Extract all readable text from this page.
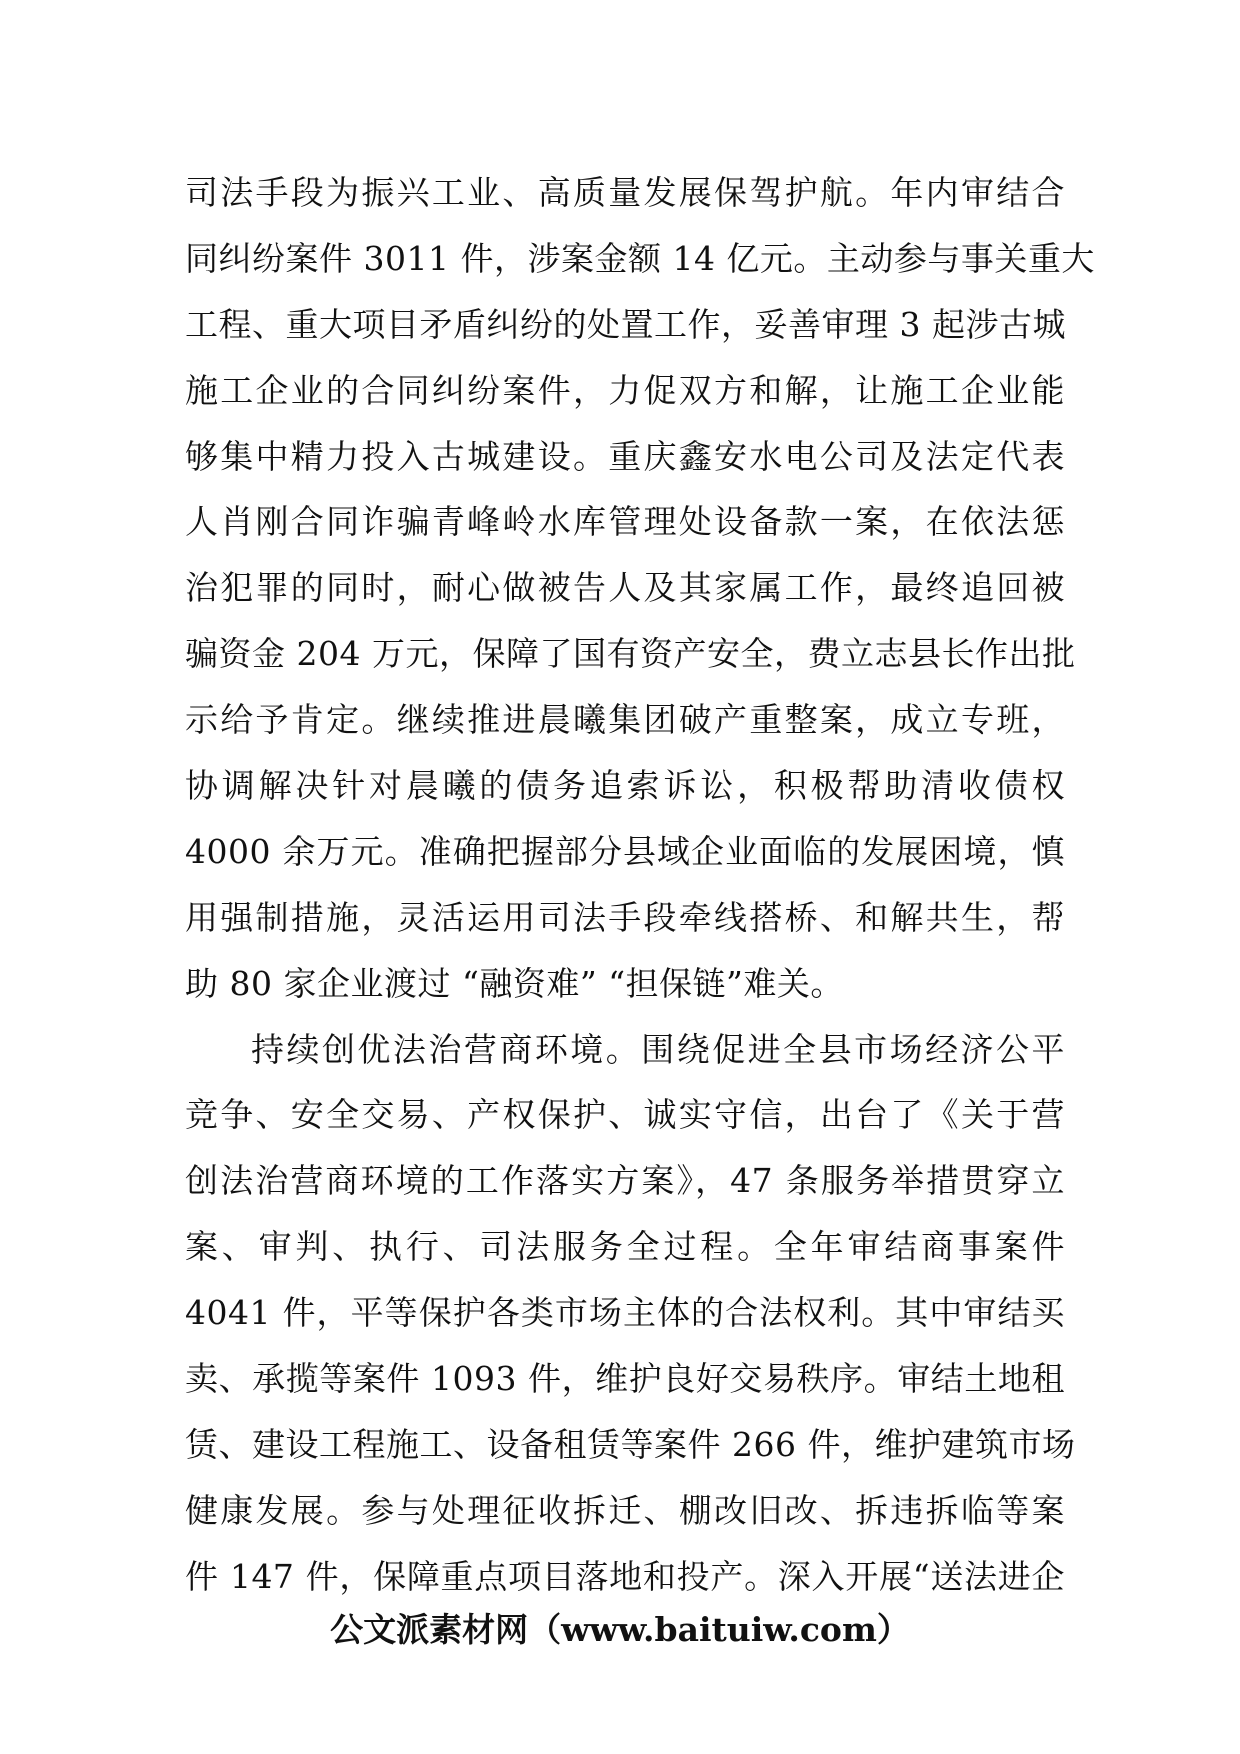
司法手段为振兴工业、高质量发展保驾护航。年内审结合
同纠纷案件 3011 件，涉案金额 14 亿元。主动参与事关重大
工程、重大项目矛盾纠纷的处置工作，妥善审理 3 起涉古城
施工企业的合同纠纷案件，力促双方和解，让施工企业能
够集中精力投入古城建设。重庆鑫安水电公司及法定代表
人肖刚合同诈骗青峰岭水库管理处设备款一案，在依法惩
治犯罪的同时，耐心做被告人及其家属工作，最终追回被
骗资金 204 万元，保障了国有资产安全，费立志县长作出批
示给予肯定。继续推进晨曦集团破产重整案，成立专班，
协调解决针对晨曦的债务追索诉讼，积极帮助清收债权
4000 余万元。准确把握部分县域企业面临的发展困境，慎
用强制措施，灵活运用司法手段牵线搭桥、和解共生，帮
助 80 家企业渡过 “融资难” “担保链”难关。
持续创优法治营商环境。围绕促进全县市场经济公平
竞争、安全交易、产权保护、诚实守信，出台了《关于营
创法治营商环境的工作落实方案》，47 条服务举措贯穿立
案、审判、执行、司法服务全过程。全年审结商事案件
4041 件，平等保护各类市场主体的合法权利。其中审结买
卖、承揽等案件 1093 件，维护良好交易秩序。审结土地租
赁、建设工程施工、设备租赁等案件 266 件，维护建筑市场
健康发展。参与处理征收拆迁、棚改旧改、拆违拆临等案
件 147 件，保障重点项目落地和投产。深入开展“送法进企
公文派素材网（www.baituiw.com）
